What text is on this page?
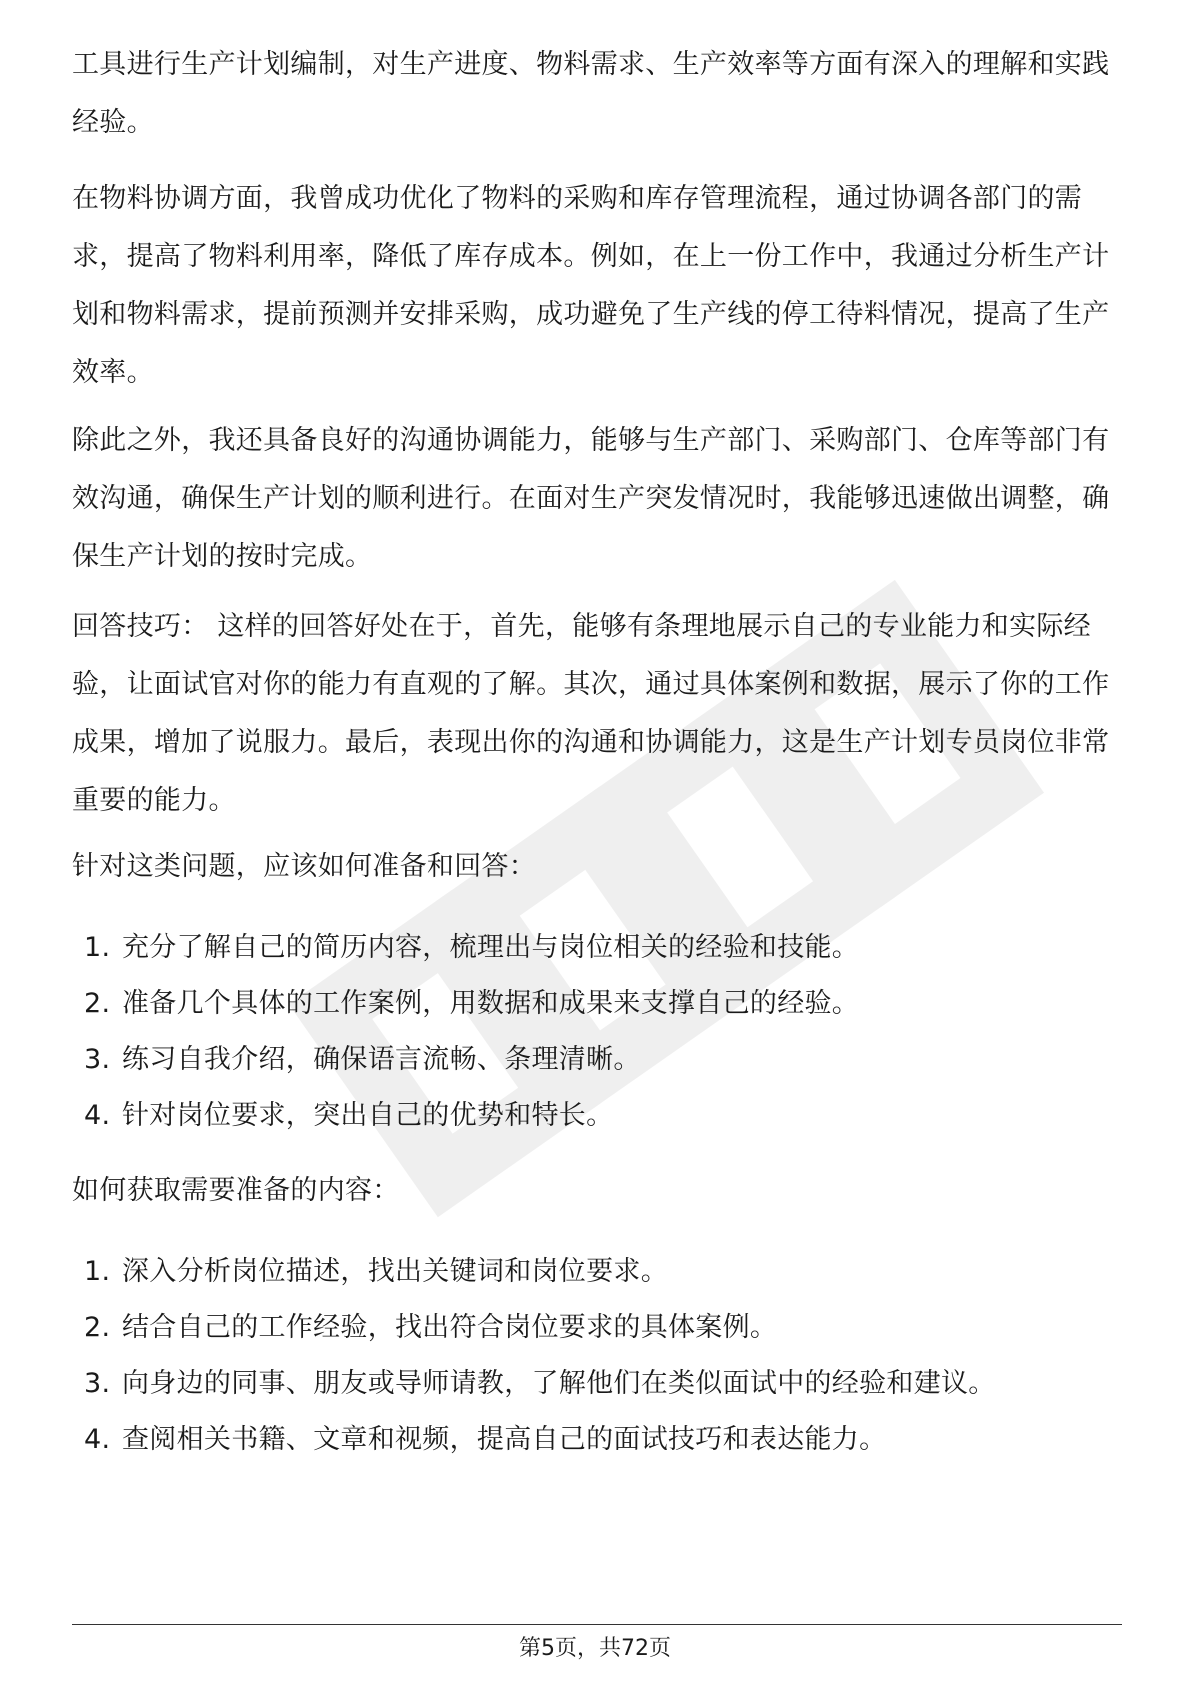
工具进行生产计划编制，对生产进度、物料需求、生产效率等方面有深入的理解和实践经验。

在物料协调方面，我曾成功优化了物料的采购和库存管理流程，通过协调各部门的需求，提高了物料利用率，降低了库存成本。例如，在上一份工作中，我通过分析生产计划和物料需求，提前预测并安排采购，成功避免了生产线的停工待料情况，提高了生产效率。

除此之外，我还具备良好的沟通协调能力，能够与生产部门、采购部门、仓库等部门有效沟通，确保生产计划的顺利进行。在面对生产突发情况时，我能够迅速做出调整，确保生产计划的按时完成。

回答技巧： 这样的回答好处在于，首先，能够有条理地展示自己的专业能力和实际经验，让面试官对你的能力有直观的了解。其次，通过具体案例和数据，展示了你的工作成果，增加了说服力。最后，表现出你的沟通和协调能力，这是生产计划专员岗位非常重要的能力。

针对这类问题，应该如何准备和回答：

1. 充分了解自己的简历内容，梳理出与岗位相关的经验和技能。
2. 准备几个具体的工作案例，用数据和成果来支撑自己的经验。
3. 练习自我介绍，确保语言流畅、条理清晰。
4. 针对岗位要求，突出自己的优势和特长。

如何获取需要准备的内容：

1. 深入分析岗位描述，找出关键词和岗位要求。
2. 结合自己的工作经验，找出符合岗位要求的具体案例。
3. 向身边的同事、朋友或导师请教，了解他们在类似面试中的经验和建议。
4. 查阅相关书籍、文章和视频，提高自己的面试技巧和表达能力。
第5页，共72页
